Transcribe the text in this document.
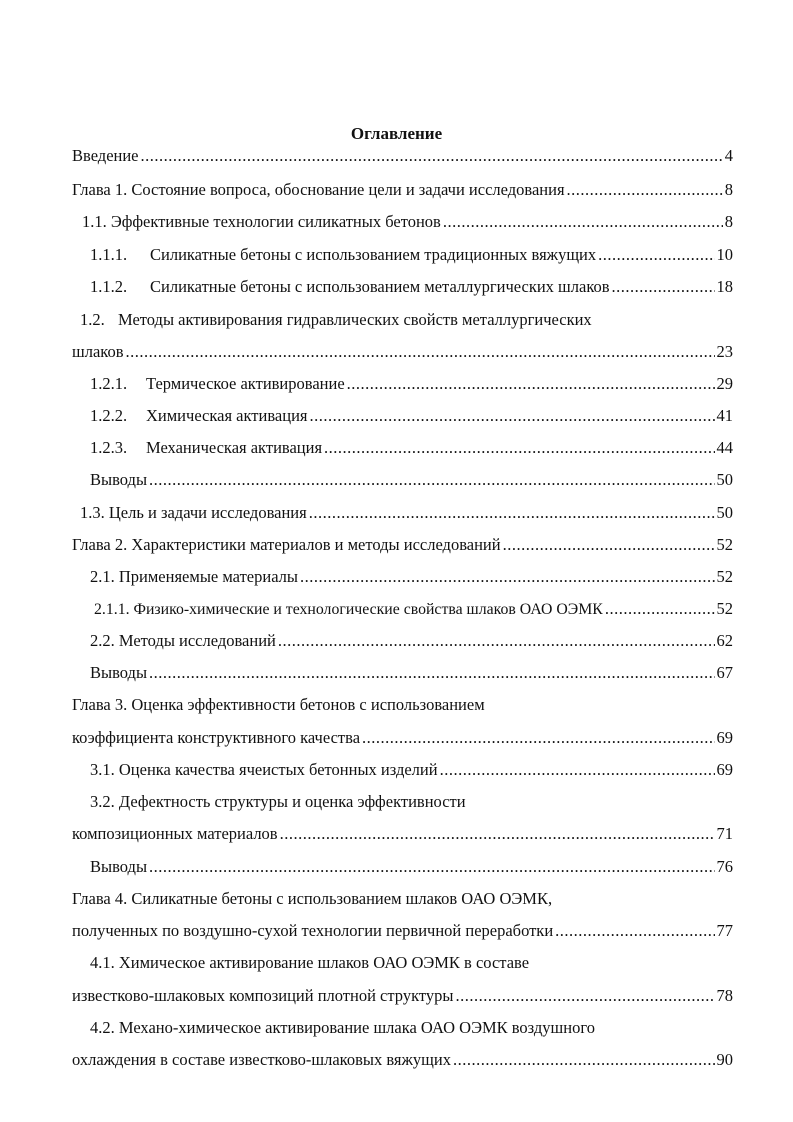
Оглавление
Введение .....	4
Глава 1. Состояние вопроса, обоснование цели и задачи исследования .....	8
1.1. Эффективные технологии силикатных бетонов .....	8
1.1.1.	Силикатные бетоны с использованием традиционных вяжущих .....	10
1.1.2.	Силикатные бетоны с использованием металлургических шлаков .....	18
1.2. Методы активирования гидравлических свойств металлургических
шлаков .....	23
1.2.1.	Термическое активирование .....	29
1.2.2.	Химическая активация .....	41
1.2.3.	Механическая активация .....	44
Выводы .....	50
1.3. Цель и задачи исследования .....	50
Глава 2. Характеристики материалов и методы исследований .....	52
2.1. Применяемые материалы .....	52
2.1.1. Физико-химические и технологические свойства шлаков ОАО ОЭМК .....	52
2.2. Методы исследований .....	62
Выводы .....	67
Глава 3. Оценка эффективности бетонов с использованием
коэффициента конструктивного качества .....	69
3.1. Оценка качества ячеистых бетонных изделий .....	69
3.2. Дефектность структуры и оценка эффективности
композиционных материалов .....	71
Выводы .....	76
Глава 4. Силикатные бетоны с использованием шлаков ОАО ОЭМК,
полученных по воздушно-сухой технологии первичной переработки .....	77
4.1. Химическое активирование шлаков ОАО ОЭМК в составе
известково-шлаковых композиций плотной структуры .....	78
4.2. Механо-химическое активирование шлака ОАО ОЭМК воздушного
охлаждения в составе известково-шлаковых вяжущих .....	90
